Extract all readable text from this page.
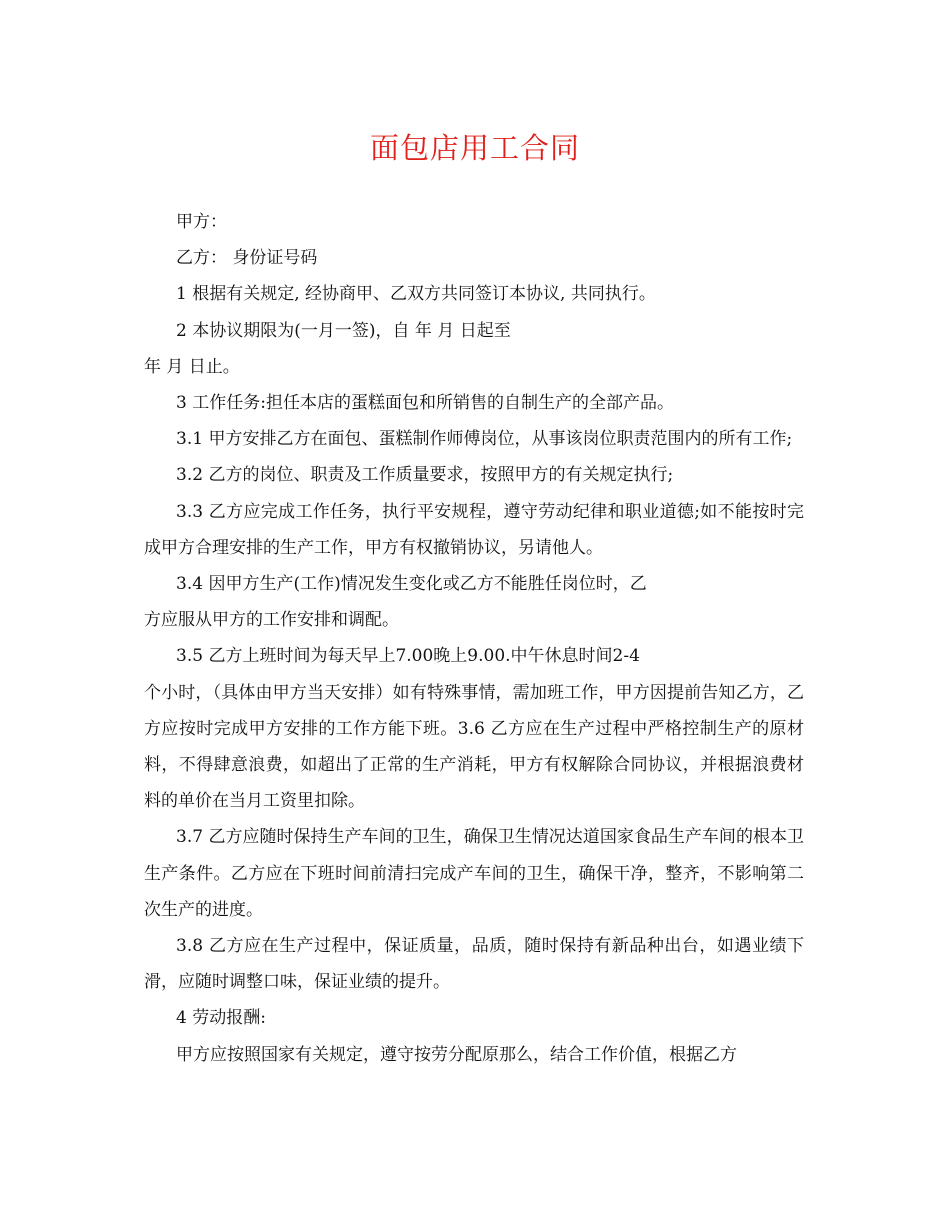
面包店用工合同

甲方：

乙方： 身份证号码

1 根据有关规定, 经协商甲、乙双方共同签订本协议, 共同执行。

2 本协议期限为(一月一签)，自 年 月 日起至

年 月 日止。

3 工作任务:担任本店的蛋糕面包和所销售的自制生产的全部产品。

3.1 甲方安排乙方在面包、蛋糕制作师傅岗位，从事该岗位职责范围内的所有工作;

3.2 乙方的岗位、职责及工作质量要求，按照甲方的有关规定执行;

3.3 乙方应完成工作任务，执行平安规程，遵守劳动纪律和职业道德;如不能按时完成甲方合理安排的生产工作，甲方有权撤销协议，另请他人。

3.4 因甲方生产(工作)情况发生变化或乙方不能胜任岗位时，乙

方应服从甲方的工作安排和调配。

3.5 乙方上班时间为每天早上7.00晚上9.00.中午休息时间2-4

个小时，（具体由甲方当天安排）如有特殊事情，需加班工作，甲方因提前告知乙方，乙方应按时完成甲方安排的工作方能下班。3.6 乙方应在生产过程中严格控制生产的原材料，不得肆意浪费，如超出了正常的生产消耗，甲方有权解除合同协议，并根据浪费材料的单价在当月工资里扣除。

3.7 乙方应随时保持生产车间的卫生，确保卫生情况达道国家食品生产车间的根本卫生产条件。乙方应在下班时间前清扫完成产车间的卫生，确保干净，整齐，不影响第二次生产的进度。

3.8 乙方应在生产过程中，保证质量，品质，随时保持有新品种出台，如遇业绩下滑，应随时调整口味，保证业绩的提升。

4 劳动报酬:

甲方应按照国家有关规定，遵守按劳分配原那么，结合工作价值，根据乙方
